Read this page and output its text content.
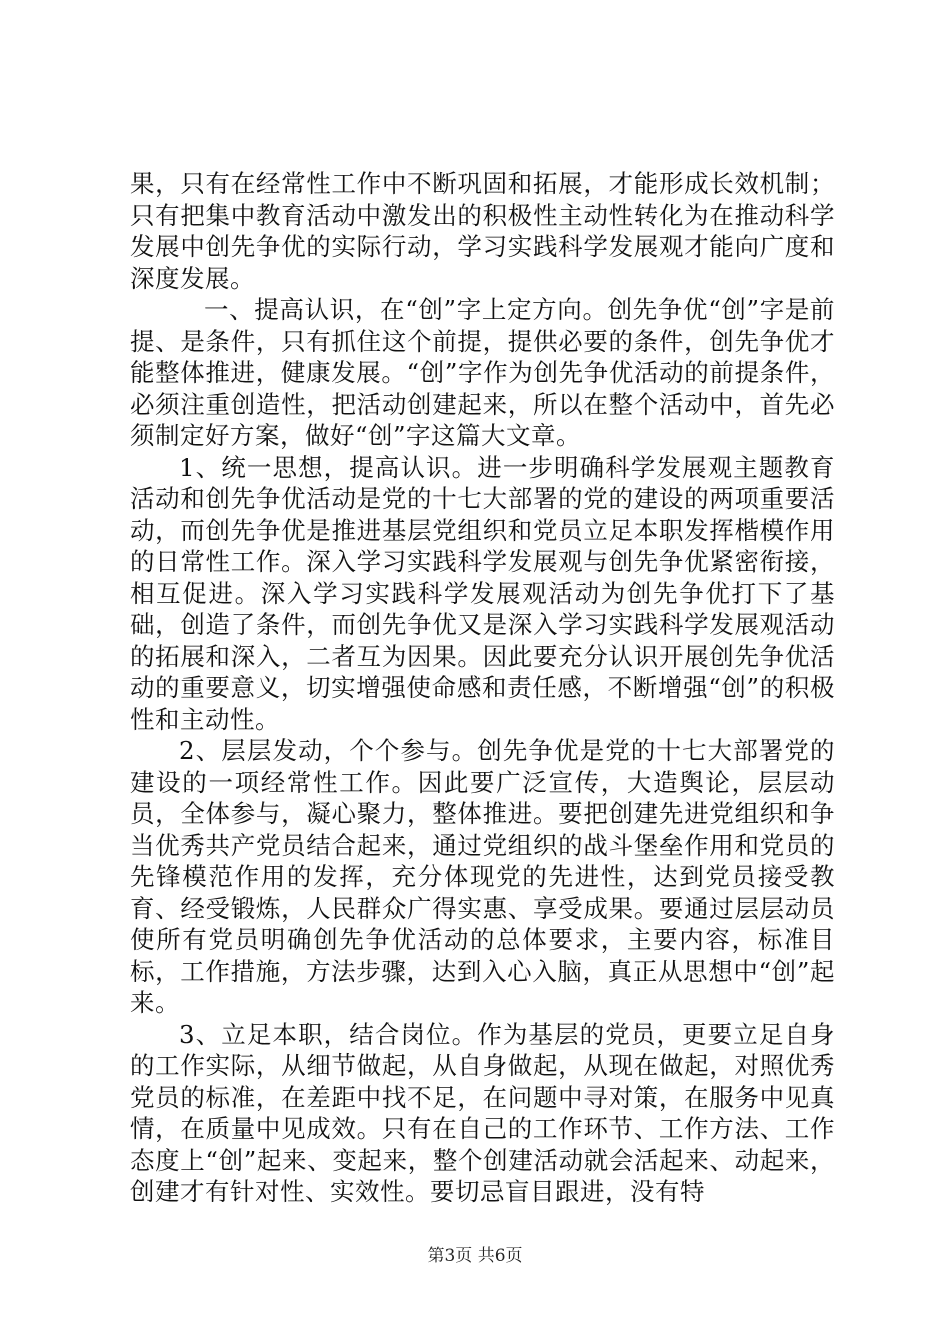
果，只有在经常性工作中不断巩固和拓展，才能形成长效机制；只有把集中教育活动中激发出的积极性主动性转化为在推动科学发展中创先争优的实际行动，学习实践科学发展观才能向广度和深度发展。

一、提高认识，在“创”字上定方向。创先争优“创”字是前提、是条件，只有抓住这个前提，提供必要的条件，创先争优才能整体推进，健康发展。“创”字作为创先争优活动的前提条件，必须注重创造性，把活动创建起来，所以在整个活动中，首先必须制定好方案，做好“创”字这篇大文章。

1、统一思想，提高认识。进一步明确科学发展观主题教育活动和创先争优活动是党的十七大部署的党的建设的两项重要活动，而创先争优是推进基层党组织和党员立足本职发挥楷模作用的日常性工作。深入学习实践科学发展观与创先争优紧密衔接，相互促进。深入学习实践科学发展观活动为创先争优打下了基础，创造了条件，而创先争优又是深入学习实践科学发展观活动的拓展和深入，二者互为因果。因此要充分认识开展创先争优活动的重要意义，切实增强使命感和责任感，不断增强“创”的积极性和主动性。

2、层层发动，个个参与。创先争优是党的十七大部署党的建设的一项经常性工作。因此要广泛宣传，大造舆论，层层动员，全体参与，凝心聚力，整体推进。要把创建先进党组织和争当优秀共产党员结合起来，通过党组织的战斗堡垒作用和党员的先锋模范作用的发挥，充分体现党的先进性，达到党员接受教育、经受锻炼，人民群众广得实惠、享受成果。要通过层层动员使所有党员明确创先争优活动的总体要求，主要内容，标准目标，工作措施，方法步骤，达到入心入脑，真正从思想中“创”起来。

3、立足本职，结合岗位。作为基层的党员，更要立足自身的工作实际，从细节做起，从自身做起，从现在做起，对照优秀党员的标准，在差距中找不足，在问题中寻对策，在服务中见真情，在质量中见成效。只有在自己的工作环节、工作方法、工作态度上“创”起来、变起来，整个创建活动就会活起来、动起来，创建才有针对性、实效性。要切忌盲目跟进，没有特

第3页 共6页
